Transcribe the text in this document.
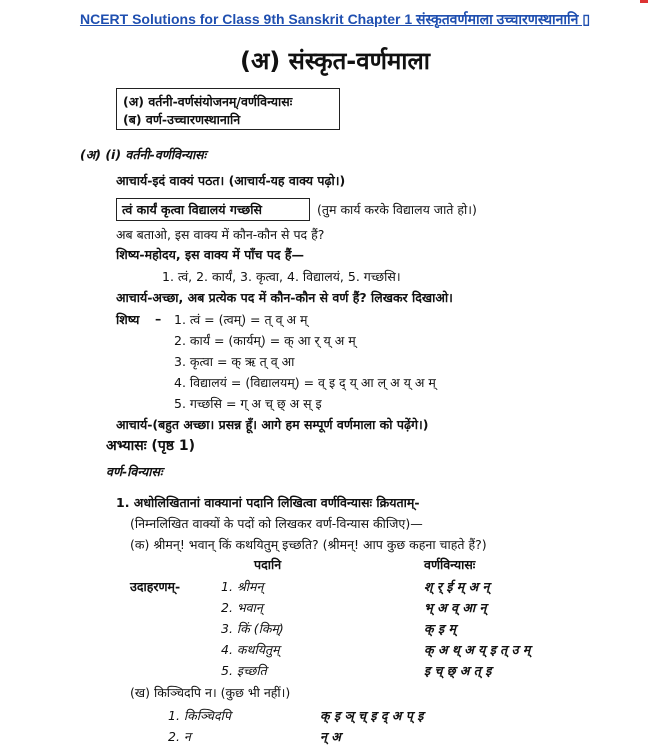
NCERT Solutions for Class 9th Sanskrit Chapter 1 संस्कृतवर्णमाला उच्चारणस्थानानि ▯
(अ) संस्कृत-वर्णमाला
(अ) वर्तनी-वर्णसंयोजनम्/वर्णविन्यासः
(ब) वर्ण-उच्चारणस्थानानि
(अ) (i) वर्तनी-वर्णविन्यासः
आचार्य-इदं वाक्यं पठत। (आचार्य-यह वाक्य पढ़ो।)
त्वं कार्यं कृत्वा विद्यालयं गच्छसि	(तुम कार्य करके विद्यालय जाते हो।)
अब बताओ, इस वाक्य में कौन-कौन से पद हैं?
शिष्य-महोदय, इस वाक्य में पाँच पद हैं—
1. त्वं, 2. कार्यं, 3. कृत्वा, 4. विद्यालयं, 5. गच्छसि।
आचार्य-अच्छा, अब प्रत्येक पद में कौन-कौन से वर्ण हैं? लिखकर दिखाओ।
शिष्य – 1. त्वं = (त्वम्) = त् व् अ म्
2. कार्यं = (कार्यम्) = क् आ र् य् अ म्
3. कृत्वा = क् ऋ त् व् आ
4. विद्यालयं = (विद्यालयम्) = व् इ द् य् आ ल् अ य् अ म्
5. गच्छसि = ग् अ च् छ् अ स् इ
आचार्य-(बहुत अच्छा। प्रसन्न हूँ। आगे हम सम्पूर्ण वर्णमाला को पढ़ेंगे।)
अभ्यासः (पृष्ठ 1)
वर्ण-विन्यासः
1. अधोलिखितानां वाक्यानां पदानि लिखित्वा वर्णविन्यासः क्रियताम्-
(निम्नलिखित वाक्यों के पदों को लिखकर वर्ण-विन्यास कीजिए)—
(क) श्रीमन्! भवान् किं कथयितुम् इच्छति? (श्रीमन्! आप कुछ कहना चाहते हैं?)
पदानि	वर्णविन्यासः
उदाहरणम्-	1. श्रीमन्	श् र् ई म् अ न्
2. भवान्	भ् अ व् आ न्
3. किं (किम्)	क् इ म्
4. कथयितुम्	क् अ थ् अ य् इ त् उ म्
5. इच्छति	इ च् छ् अ त् इ
(ख) किञ्चिदपि न। (कुछ भी नहीं।)
1. किञ्चिदपि	क् इ ञ् च् इ द् अ प् इ
2. न	न् अ
